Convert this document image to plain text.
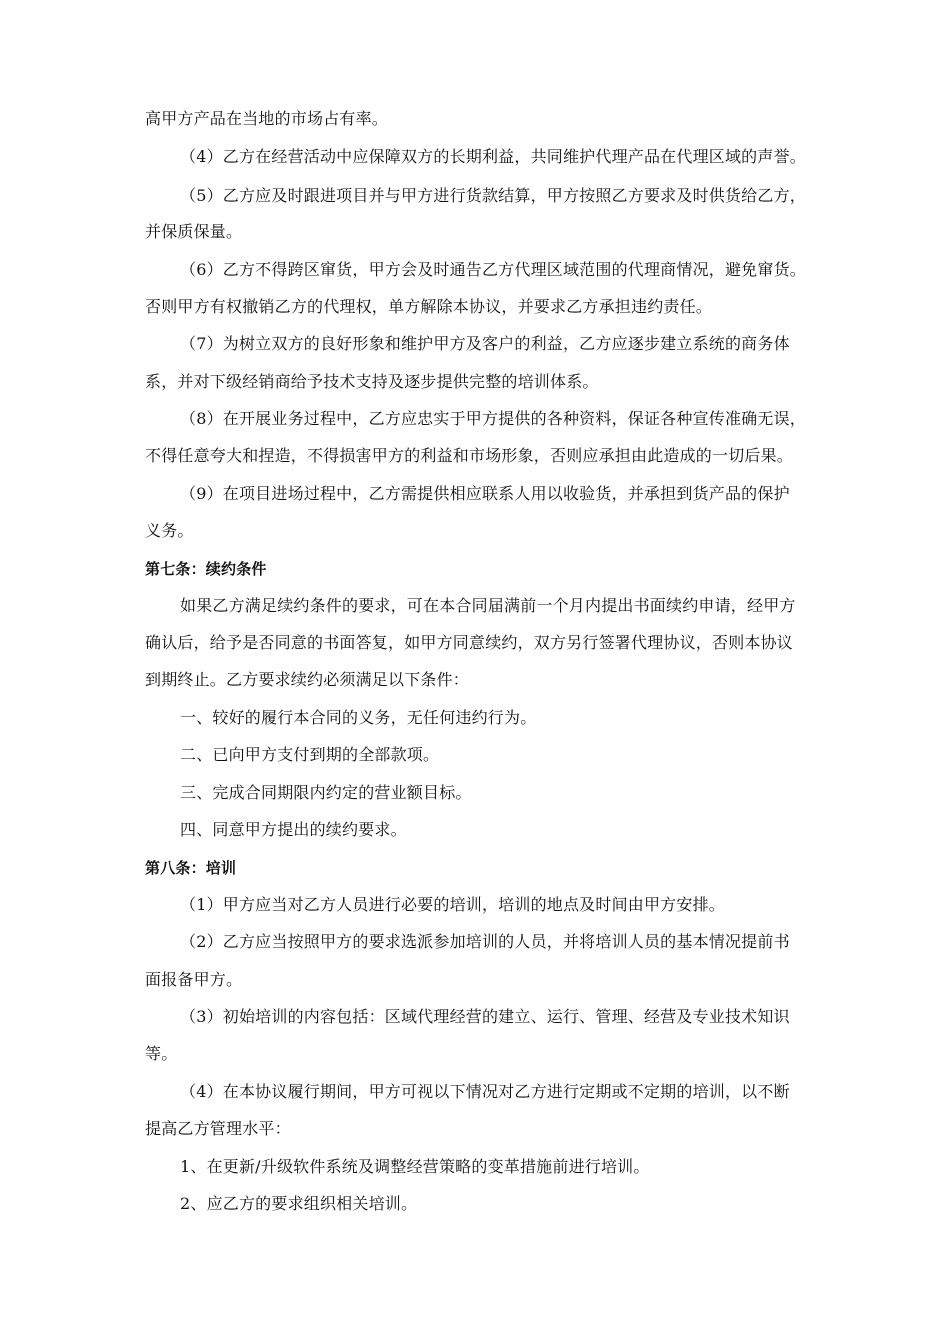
高甲方产品在当地的市场占有率。
（4）乙方在经营活动中应保障双方的长期利益，共同维护代理产品在代理区域的声誉。
（5）乙方应及时跟进项目并与甲方进行货款结算，甲方按照乙方要求及时供货给乙方，
并保质保量。
（6）乙方不得跨区窜货，甲方会及时通告乙方代理区域范围的代理商情况，避免窜货。
否则甲方有权撤销乙方的代理权，单方解除本协议，并要求乙方承担违约责任。
（7）为树立双方的良好形象和维护甲方及客户的利益，乙方应逐步建立系统的商务体
系，并对下级经销商给予技术支持及逐步提供完整的培训体系。
（8）在开展业务过程中，乙方应忠实于甲方提供的各种资料，保证各种宣传准确无误，
不得任意夸大和捏造，不得损害甲方的利益和市场形象，否则应承担由此造成的一切后果。
（9）在项目进场过程中，乙方需提供相应联系人用以收验货，并承担到货产品的保护
义务。
第七条：续约条件
如果乙方满足续约条件的要求，可在本合同届满前一个月内提出书面续约申请，经甲方
确认后，给予是否同意的书面答复，如甲方同意续约，双方另行签署代理协议，否则本协议
到期终止。乙方要求续约必须满足以下条件：
一、较好的履行本合同的义务，无任何违约行为。
二、已向甲方支付到期的全部款项。
三、完成合同期限内约定的营业额目标。
四、同意甲方提出的续约要求。
第八条：培训
（1）甲方应当对乙方人员进行必要的培训，培训的地点及时间由甲方安排。
（2）乙方应当按照甲方的要求选派参加培训的人员，并将培训人员的基本情况提前书
面报备甲方。
（3）初始培训的内容包括：区域代理经营的建立、运行、管理、经营及专业技术知识
等。
（4）在本协议履行期间，甲方可视以下情况对乙方进行定期或不定期的培训，以不断
提高乙方管理水平：
1、在更新/升级软件系统及调整经营策略的变革措施前进行培训。
2、应乙方的要求组织相关培训。
